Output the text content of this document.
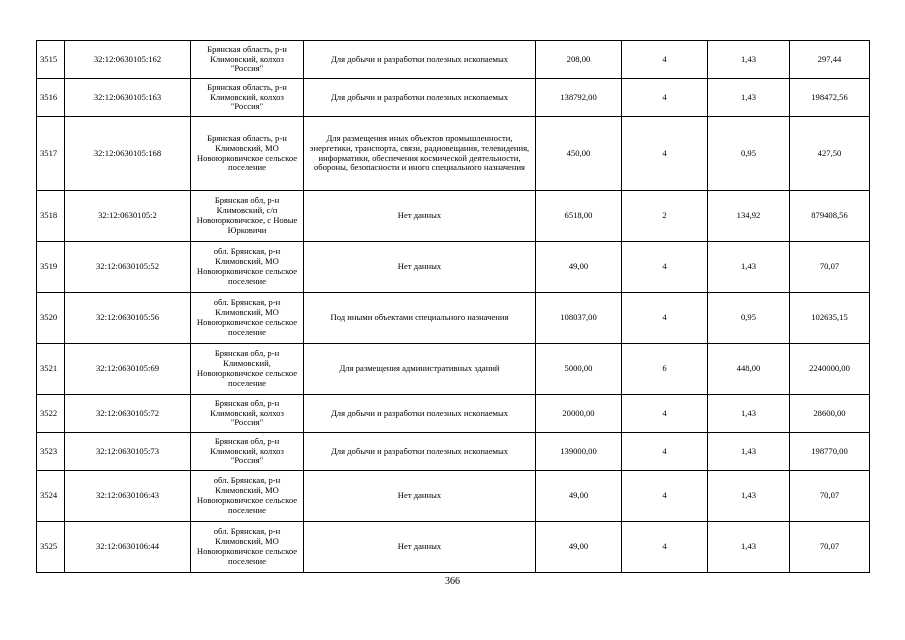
3515	32:12:0630105:162	Брянская область, р-н Климовский, колхоз "Россия"	Для добычи и разработки полезных ископаемых	208,00	4	1,43	297,44
3516	32:12:0630105:163	Брянская область, р-н Климовский, колхоз "Россия"	Для добычи и разработки полезных ископаемых	138792,00	4	1,43	198472,56
3517	32:12:0630105:168	Брянская область, р-н Климовский, МО Новоюрковичское сельское поселение	Для размещения иных объектов промышленности, энергетики, транспорта, связи, радиовещания, телевидения, информатики, обеспечения космической деятельности, обороны, безопасности и иного специального назначения	450,00	4	0,95	427,50
3518	32:12:0630105:2	Брянская обл, р-н Климовский, с/п Новоюрковичское, с Новые Юрковичи	Нет данных	6518,00	2	134,92	879408,56
3519	32:12:0630105:52	обл. Брянская, р-н Климовский, МО Новоюрковичское сельское поселение	Нет данных	49,00	4	1,43	70,07
3520	32:12:0630105:56	обл. Брянская, р-н Климовский, МО Новоюрковичское сельское поселение	Под иными объектами специального назначения	108037,00	4	0,95	102635,15
3521	32:12:0630105:69	Брянская обл, р-н Климовский, Новоюрковичское сельское поселение	Для размещения административных зданий	5000,00	6	448,00	2240000,00
3522	32:12:0630105:72	Брянская обл, р-н Климовский, колхоз "Россия"	Для добычи и разработки полезных ископаемых	20000,00	4	1,43	28600,00
3523	32:12:0630105:73	Брянская обл, р-н Климовский, колхоз "Россия"	Для добычи и разработки полезных ископаемых	139000,00	4	1,43	198770,00
3524	32:12:0630106:43	обл. Брянская, р-н Климовский, МО Новоюрковичское сельское поселение	Нет данных	49,00	4	1,43	70,07
3525	32:12:0630106:44	обл. Брянская, р-н Климовский, МО Новоюрковичское сельское поселение	Нет данных	49,00	4	1,43	70,07
366
